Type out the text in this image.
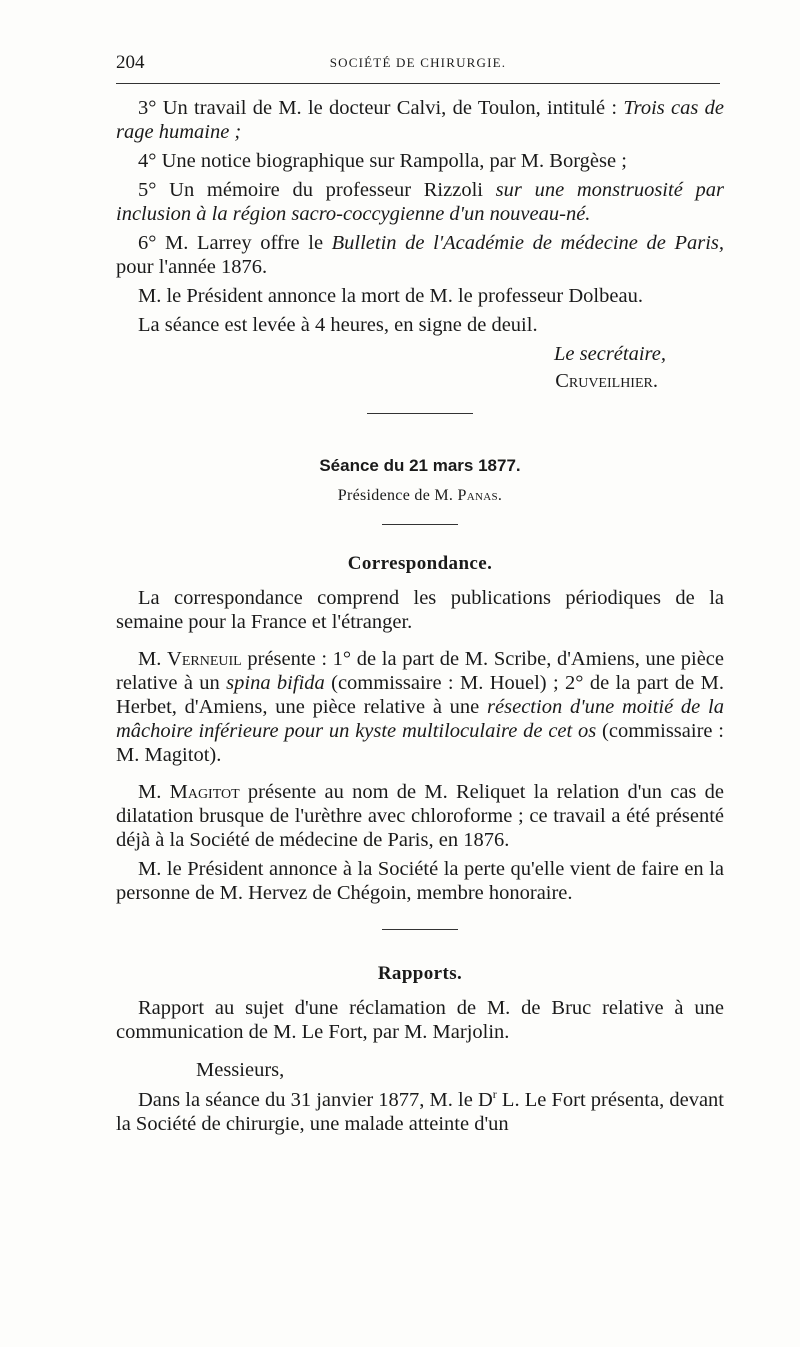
204	SOCIÉTÉ DE CHIRURGIE.

3° Un travail de M. le docteur Calvi, de Toulon, intitulé : Trois cas de rage humaine ;

4° Une notice biographique sur Rampolla, par M. Borgèse ;

5° Un mémoire du professeur Rizzoli sur une monstruosité par inclusion à la région sacro-coccygienne d'un nouveau-né.

6° M. Larrey offre le Bulletin de l'Académie de médecine de Paris, pour l'année 1876.

M. le Président annonce la mort de M. le professeur Dolbeau.

La séance est levée à 4 heures, en signe de deuil.

Le secrétaire,

Cruveilhier.

Séance du 21 mars 1877.

Présidence de M. Panas.

Correspondance.

La correspondance comprend les publications périodiques de la semaine pour la France et l'étranger.

M. Verneuil présente : 1° de la part de M. Scribe, d'Amiens, une pièce relative à un spina bifida (commissaire : M. Houel) ; 2° de la part de M. Herbet, d'Amiens, une pièce relative à une résection d'une moitié de la mâchoire inférieure pour un kyste multiloculaire de cet os (commissaire : M. Magitot).

M. Magitot présente au nom de M. Reliquet la relation d'un cas de dilatation brusque de l'urèthre avec chloroforme ; ce travail a été présenté déjà à la Société de médecine de Paris, en 1876.

M. le Président annonce à la Société la perte qu'elle vient de faire en la personne de M. Hervez de Chégoin, membre honoraire.

Rapports.

Rapport au sujet d'une réclamation de M. de Bruc relative à une communication de M. Le Fort, par M. Marjolin.

Messieurs,

Dans la séance du 31 janvier 1877, M. le $D^r$ L. Le Fort présenta, devant la Société de chirurgie, une malade atteinte d'un
